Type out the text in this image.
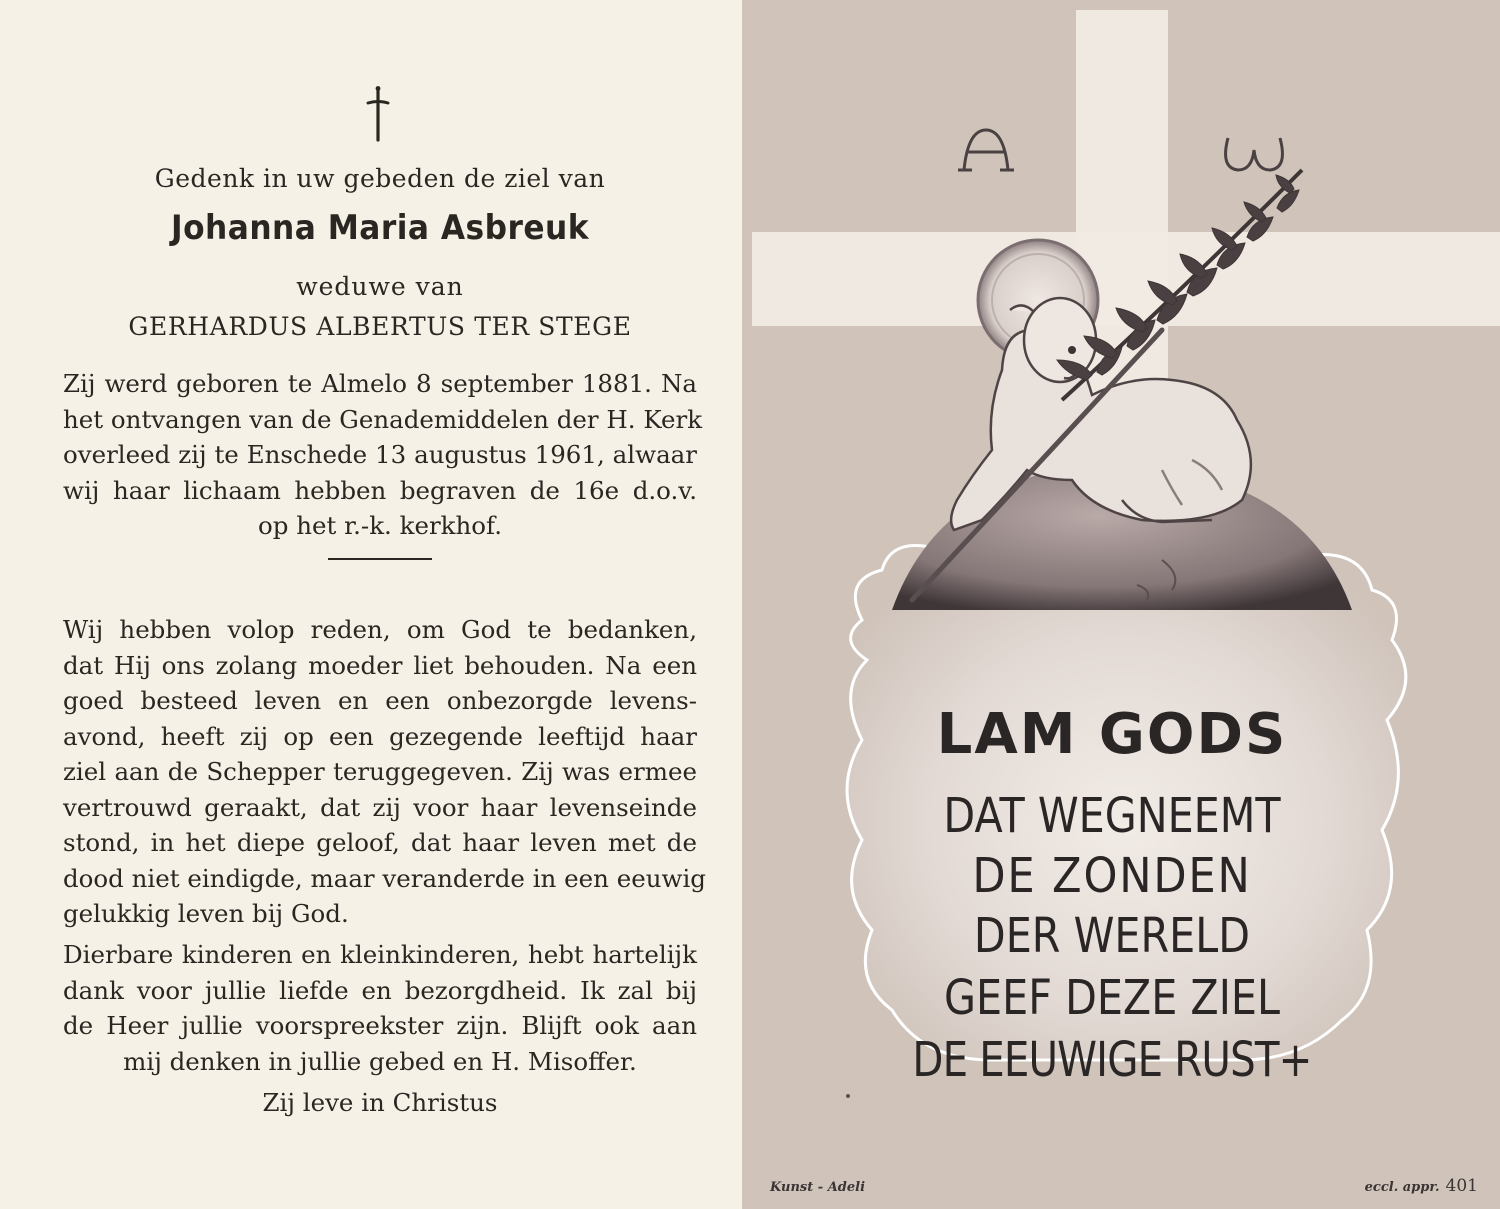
Gedenk in uw gebeden de ziel van
Johanna Maria Asbreuk
weduwe van
GERHARDUS ALBERTUS TER STEGE
Zij werd geboren te Almelo 8 september 1881. Na
het ontvangen van de Genademiddelen der H. Kerk
overleed zij te Enschede 13 augustus 1961, alwaar
wij haar lichaam hebben begraven de 16e d.o.v.
op het r.-k. kerkhof.
Wij hebben volop reden, om God te bedanken,
dat Hij ons zolang moeder liet behouden. Na een
goed besteed leven en een onbezorgde levens-
avond, heeft zij op een gezegende leeftijd haar
ziel aan de Schepper teruggegeven. Zij was ermee
vertrouwd geraakt, dat zij voor haar levenseinde
stond, in het diepe geloof, dat haar leven met de
dood niet eindigde, maar veranderde in een eeuwig
gelukkig leven bij God.
Dierbare kinderen en kleinkinderen, hebt hartelijk
dank voor jullie liefde en bezorgdheid. Ik zal bij
de Heer jullie voorspreekster zijn. Blijft ook aan
mij denken in jullie gebed en H. Misoffer.
Zij leve in Christus
LAM GODS
DAT WEGNEEMT
DE ZONDEN
DER WERELD
GEEF DEZE ZIEL
DE EEUWIGE RUST+
Kunst - Adeli	eccl. appr. 401
